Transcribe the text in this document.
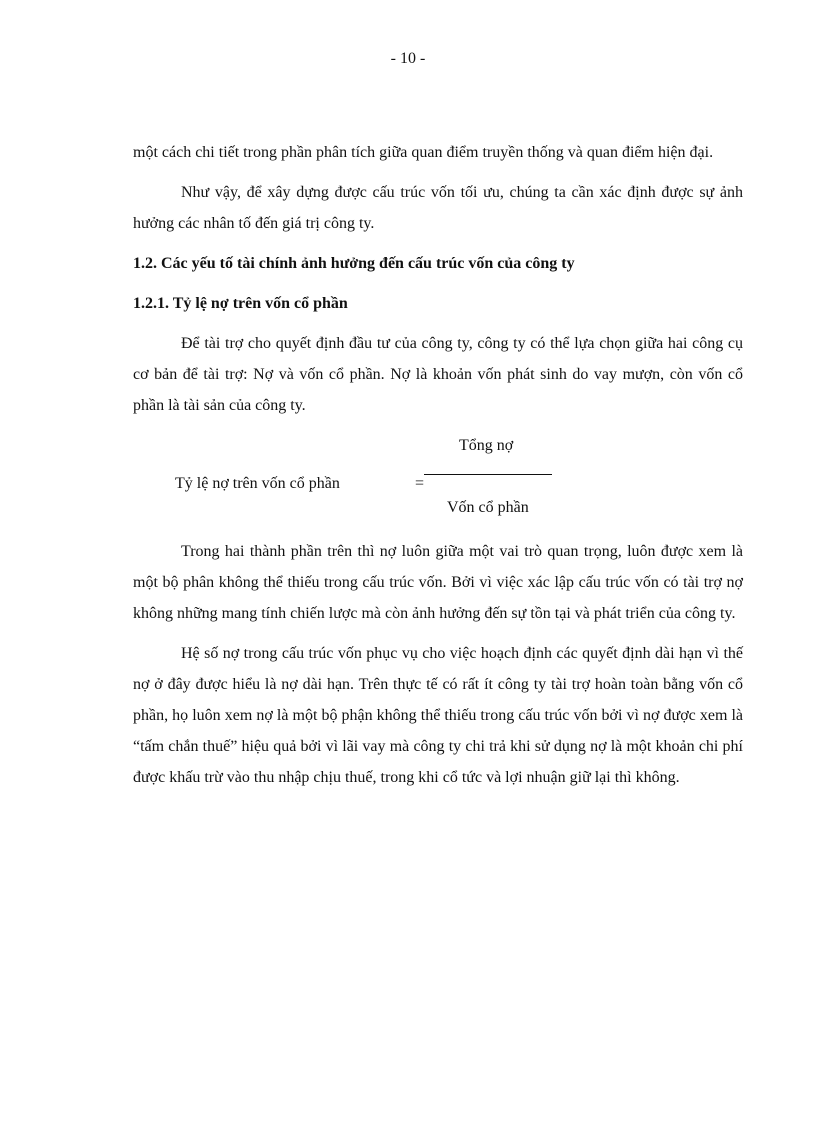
- 10 -

một cách chi tiết trong phần phân tích giữa quan điểm truyền thống và quan điểm hiện đại.

Như vậy, để xây dựng được cấu trúc vốn tối ưu, chúng ta cần xác định được sự ảnh hưởng các nhân tố đến giá trị công ty.

1.2. Các yếu tố tài chính ảnh hưởng đến cấu trúc vốn của công ty

1.2.1. Tỷ lệ nợ trên vốn cổ phần

Để tài trợ cho quyết định đầu tư của công ty, công ty có thể lựa chọn giữa hai công cụ cơ bản để tài trợ: Nợ và vốn cổ phần. Nợ là khoản vốn phát sinh do vay mượn, còn vốn cổ phần là tài sản của công ty.

Tỷ lệ nợ trên vốn cổ phần	=
Tổng nợ
Vốn cổ phần

Trong hai thành phần trên thì nợ luôn giữa một vai trò quan trọng, luôn được xem là một bộ phân không thể thiếu trong cấu trúc vốn. Bởi vì việc xác lập cấu trúc vốn có tài trợ nợ không những mang tính chiến lược mà còn ảnh hưởng đến sự tồn tại và phát triển của công ty.

Hệ số nợ trong cấu trúc vốn phục vụ cho việc hoạch định các quyết định dài hạn vì thế nợ ở đây được hiểu là nợ dài hạn. Trên thực tế có rất ít công ty tài trợ hoàn toàn bằng vốn cổ phần, họ luôn xem nợ là một bộ phận không thể thiếu trong cấu trúc vốn bởi vì nợ được xem là “tấm chắn thuế” hiệu quả bởi vì lãi vay mà công ty chi trả khi sử dụng nợ là một khoản chi phí được khấu trừ vào thu nhập chịu thuế, trong khi cổ tức và lợi nhuận giữ lại thì không.
